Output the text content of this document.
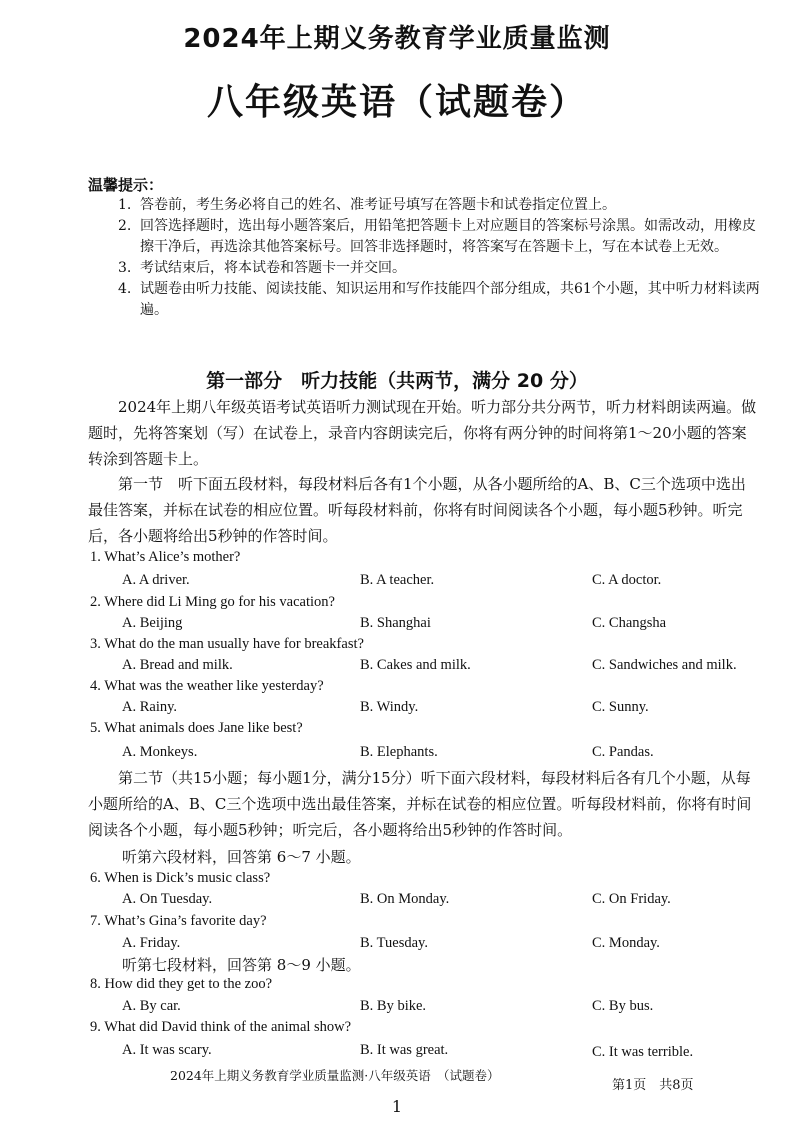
2024年上期义务教育学业质量监测
八年级英语（试题卷）
温馨提示：
1. 答卷前，考生务必将自己的姓名、准考证号填写在答题卡和试卷指定位置上。
2. 回答选择题时，选出每小题答案后，用铅笔把答题卡上对应题目的答案标号涂黑。如需改动，用橡皮擦干净后，再选涂其他答案标号。回答非选择题时，将答案写在答题卡上，写在本试卷上无效。
3. 考试结束后，将本试卷和答题卡一并交回。
4. 试题卷由听力技能、阅读技能、知识运用和写作技能四个部分组成，共61个小题，其中听力材料读两遍。
第一部分　听力技能（共两节，满分 20 分）
2024年上期八年级英语考试英语听力测试现在开始。听力部分共分两节，听力材料朗读两遍。做题时，先将答案划（写）在试卷上，录音内容朗读完后，你将有两分钟的时间将第1～20小题的答案转涂到答题卡上。
第一节　听下面五段材料，每段材料后各有1个小题，从各小题所给的A、B、C三个选项中选出最佳答案，并标在试卷的相应位置。听每段材料前，你将有时间阅读各个小题，每小题5秒钟。听完后，各小题将给出5秒钟的作答时间。
1. What’s Alice’s mother?
A. A driver.	B. A teacher.	C. A doctor.
2. Where did Li Ming go for his vacation?
A. Beijing	B. Shanghai	C. Changsha
3. What do the man usually have for breakfast?
A. Bread and milk.	B. Cakes and milk.	C. Sandwiches and milk.
4. What was the weather like yesterday?
A. Rainy.	B. Windy.	C. Sunny.
5. What animals does Jane like best?
A. Monkeys.	B. Elephants.	C. Pandas.
第二节（共15小题；每小题1分，满分15分）听下面六段材料，每段材料后各有几个小题，从每小题所给的A、B、C三个选项中选出最佳答案，并标在试卷的相应位置。听每段材料前，你将有时间阅读各个小题，每小题5秒钟；听完后，各小题将给出5秒钟的作答时间。
听第六段材料，回答第 6～7 小题。
6. When is Dick’s music class?
A. On Tuesday.	B. On Monday.	C. On Friday.
7. What’s Gina’s favorite day?
A. Friday.	B. Tuesday.	C. Monday.
听第七段材料，回答第 8～9 小题。
8. How did they get to the zoo?
A. By car.	B. By bike.	C. By bus.
9. What did David think of the animal show?
A. It was scary.	B. It was great.	C. It was terrible.
2024年上期义务教育学业质量监测·八年级英语　（试题卷）
第1页　共8页
1
